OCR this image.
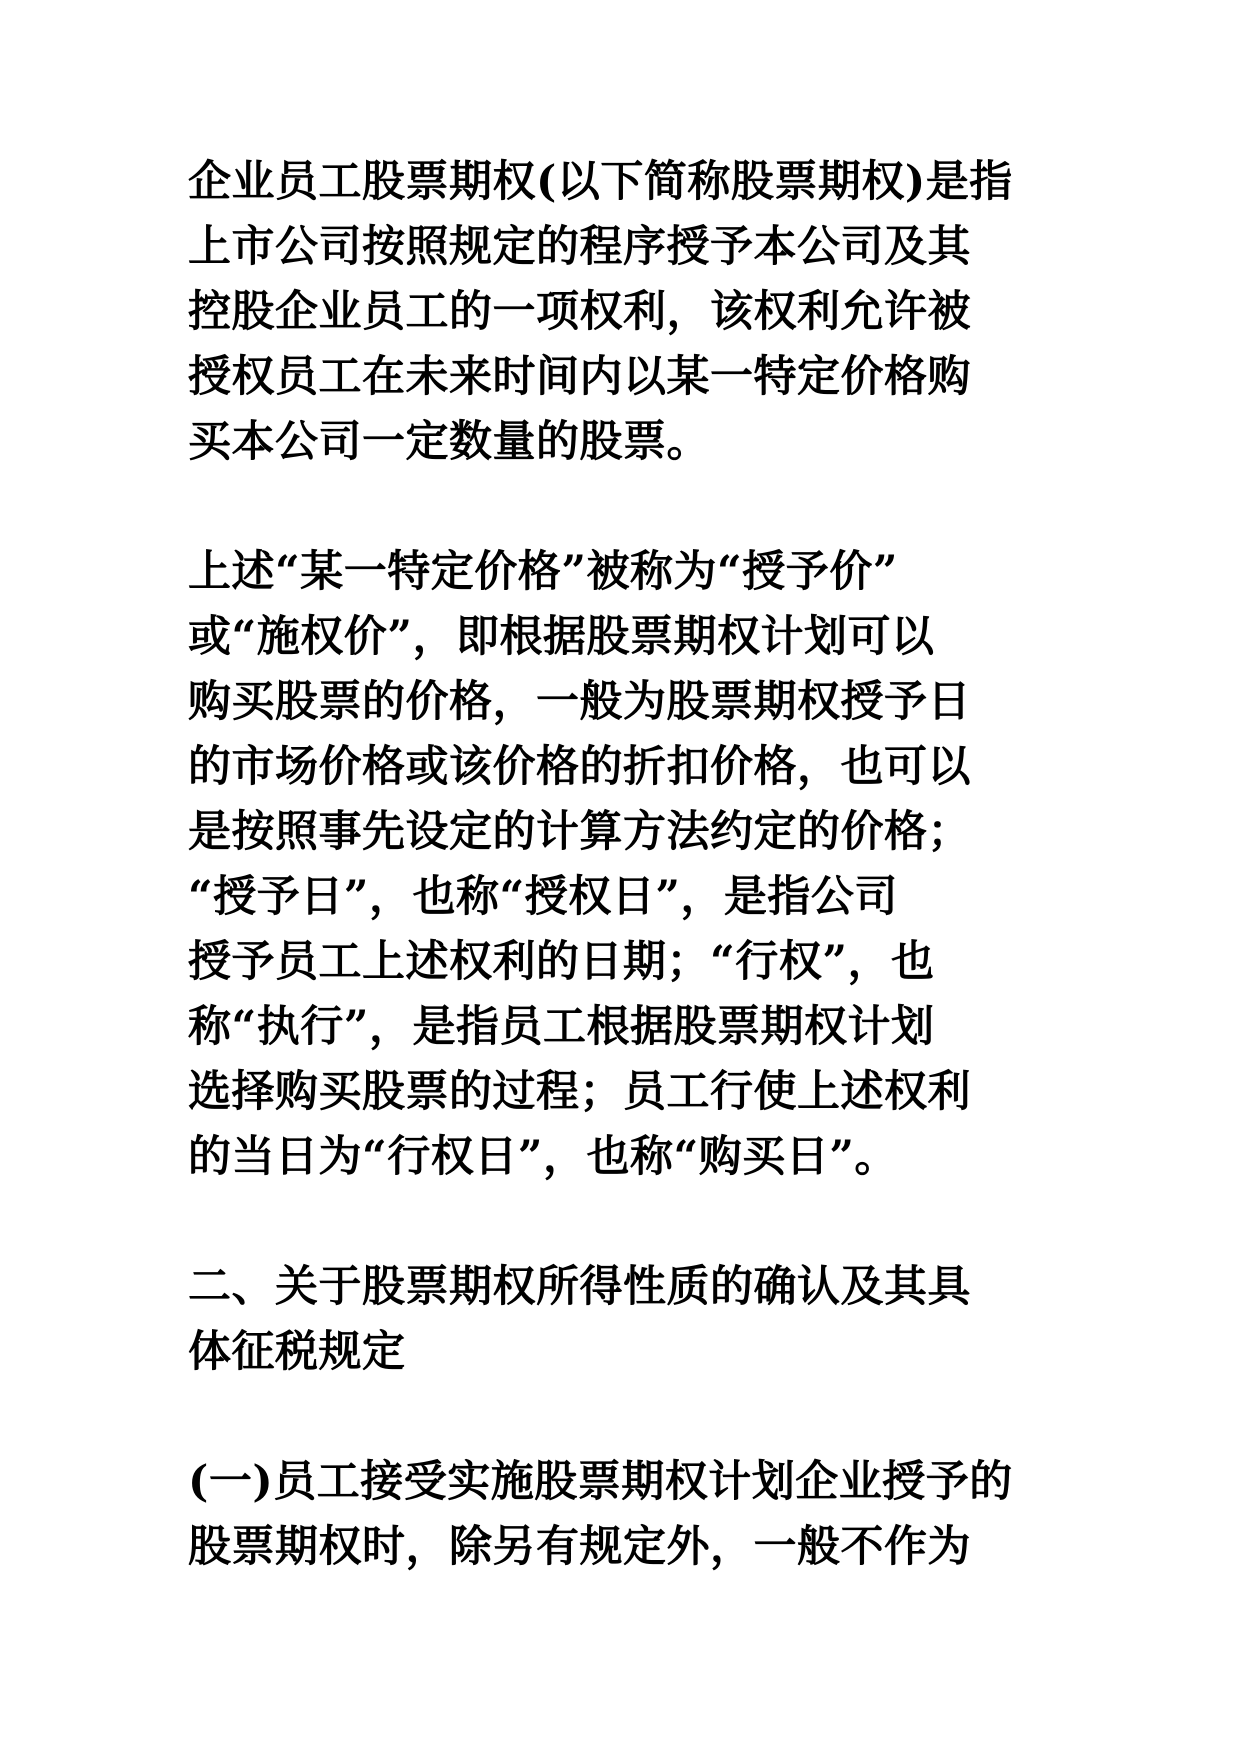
企业员工股票期权(以下简称股票期权)是指
上市公司按照规定的程序授予本公司及其
控股企业员工的一项权利，该权利允许被
授权员工在未来时间内以某一特定价格购
买本公司一定数量的股票。

上述“某一特定价格”被称为“授予价”
或“施权价”，即根据股票期权计划可以
购买股票的价格，一般为股票期权授予日
的市场价格或该价格的折扣价格，也可以
是按照事先设定的计算方法约定的价格；
“授予日”，也称“授权日”，是指公司
授予员工上述权利的日期；“行权”，也
称“执行”，是指员工根据股票期权计划
选择购买股票的过程；员工行使上述权利
的当日为“行权日”，也称“购买日”。

二、关于股票期权所得性质的确认及其具
体征税规定

(一)员工接受实施股票期权计划企业授予的
股票期权时，除另有规定外，一般不作为
